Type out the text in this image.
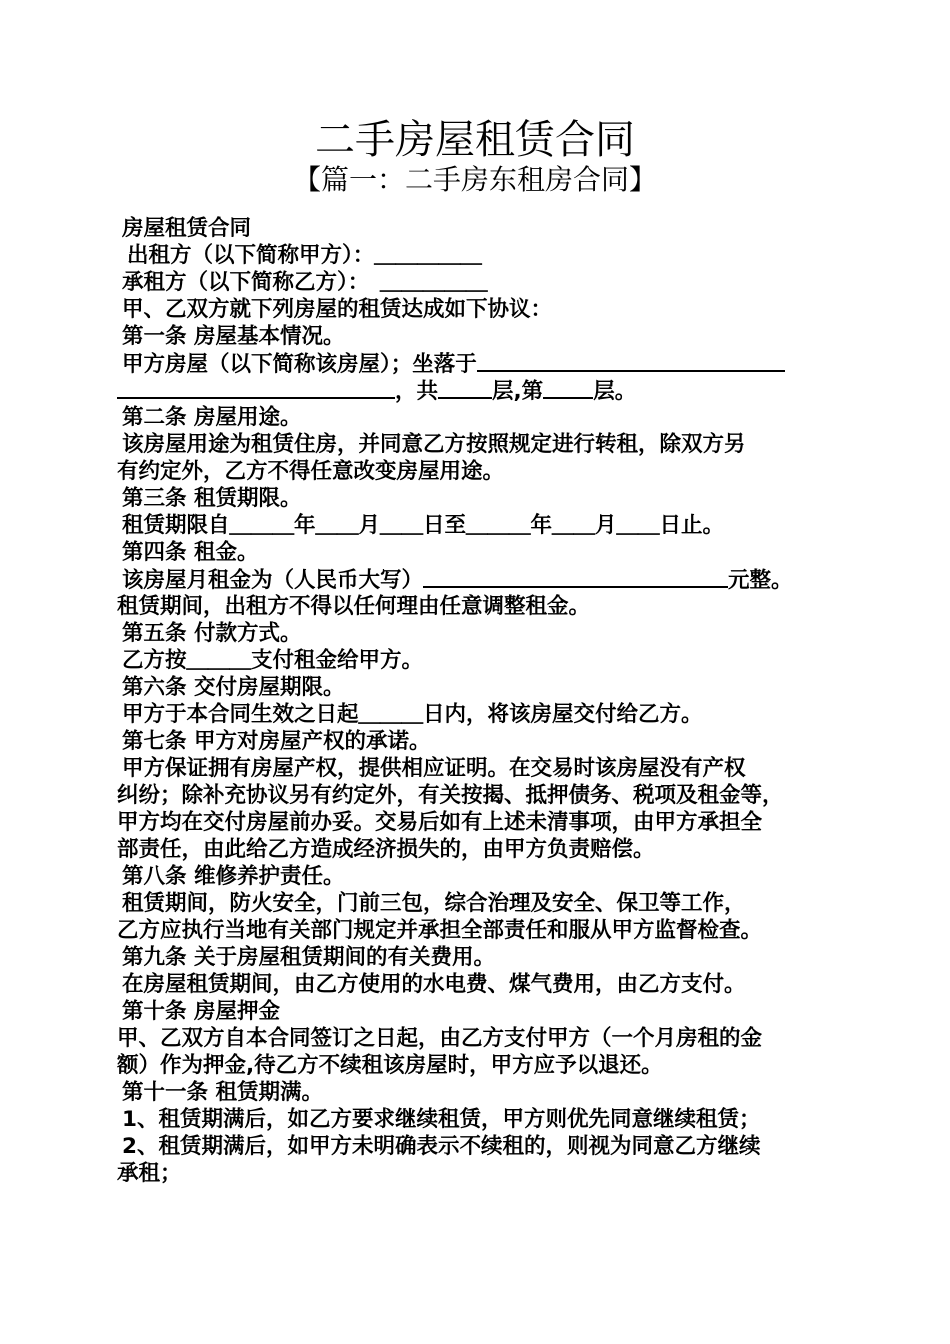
二手房屋租赁合同
【篇一：二手房东租房合同】
房屋租赁合同
出租方（以下简称甲方）：＿＿＿＿＿
承租方（以下简称乙方）：　＿＿＿＿＿
甲、乙双方就下列房屋的租赁达成如下协议：
第一条 房屋基本情况。
甲方房屋（以下简称该房屋）；坐落于
，共	层,第 层。
第二条 房屋用途。
该房屋用途为租赁住房，并同意乙方按照规定进行转租，除双方另
有约定外，乙方不得任意改变房屋用途。
第三条 租赁期限。
租赁期限自＿＿＿年＿＿月＿＿日至＿＿＿年＿＿月＿＿日止。
第四条 租金。
该房屋月租金为（人民币大写）	元整。
租赁期间，出租方不得以任何理由任意调整租金。
第五条 付款方式。
乙方按＿＿＿支付租金给甲方。
第六条 交付房屋期限。
甲方于本合同生效之日起＿＿＿日内，将该房屋交付给乙方。
第七条 甲方对房屋产权的承诺。
甲方保证拥有房屋产权，提供相应证明。在交易时该房屋没有产权
纠纷；除补充协议另有约定外，有关按揭、抵押债务、税项及租金等，
甲方均在交付房屋前办妥。交易后如有上述未清事项，由甲方承担全
部责任，由此给乙方造成经济损失的，由甲方负责赔偿。
第八条 维修养护责任。
租赁期间，防火安全，门前三包，综合治理及安全、保卫等工作，
乙方应执行当地有关部门规定并承担全部责任和服从甲方监督检查。
第九条 关于房屋租赁期间的有关费用。
在房屋租赁期间，由乙方使用的水电费、煤气费用，由乙方支付。
第十条 房屋押金
甲、乙双方自本合同签订之日起，由乙方支付甲方（一个月房租的金
额）作为押金,待乙方不续租该房屋时，甲方应予以退还。
第十一条 租赁期满。
1、租赁期满后，如乙方要求继续租赁，甲方则优先同意继续租赁；
2、租赁期满后，如甲方未明确表示不续租的，则视为同意乙方继续
承租；
